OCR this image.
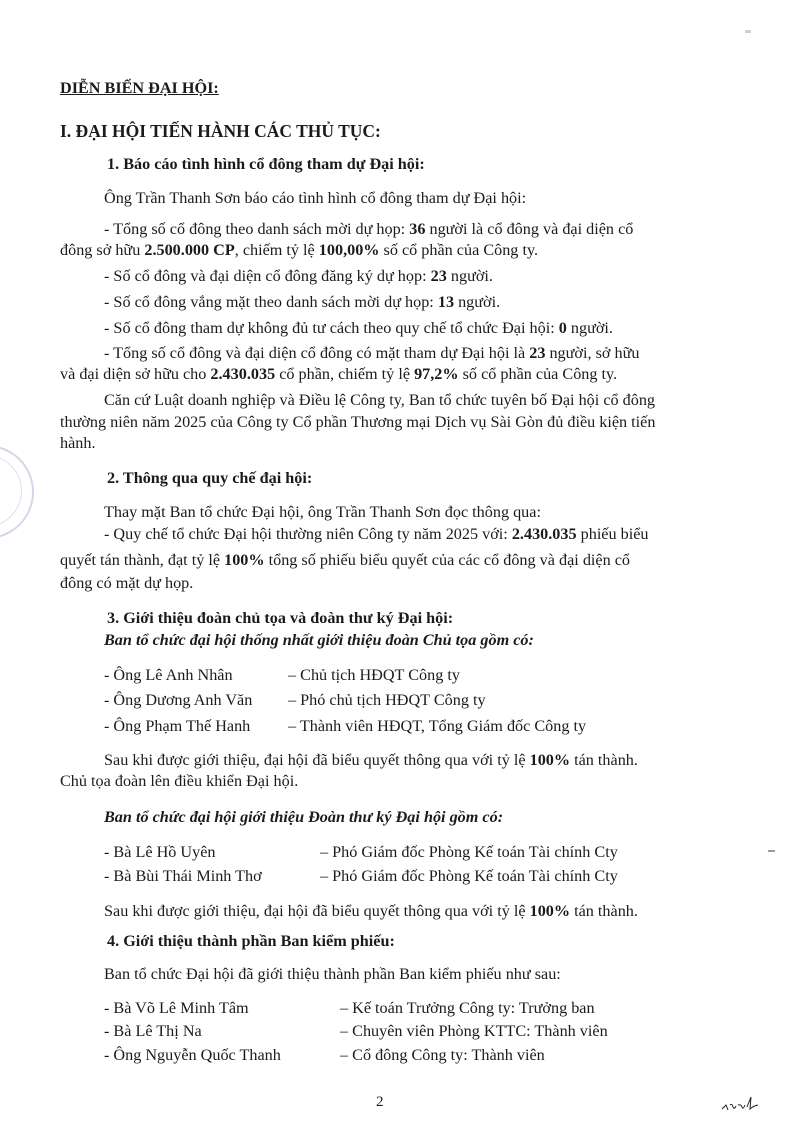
DIỄN BIẾN ĐẠI HỘI:
I. ĐẠI HỘI TIẾN HÀNH CÁC THỦ TỤC:
1. Báo cáo tình hình cổ đông tham dự Đại hội:
Ông Trần Thanh Sơn báo cáo tình hình cổ đông tham dự Đại hội:
- Tổng số cổ đông theo danh sách mời dự họp: 36 người là cổ đông và đại diện cổ
đông sở hữu 2.500.000 CP, chiếm tỷ lệ 100,00% số cổ phần của Công ty.
- Số cổ đông và đại diện cổ đông đăng ký dự họp: 23 người.
- Số cổ đông vắng mặt theo danh sách mời dự họp: 13 người.
- Số cổ đông tham dự không đủ tư cách theo quy chế tổ chức Đại hội: 0 người.
- Tổng số cổ đông và đại diện cổ đông có mặt tham dự Đại hội là 23 người, sở hữu
và đại diện sở hữu cho 2.430.035 cổ phần, chiếm tỷ lệ 97,2% số cổ phần của Công ty.
Căn cứ Luật doanh nghiệp và Điều lệ Công ty, Ban tổ chức tuyên bố Đại hội cổ đông
thường niên năm 2025 của Công ty Cổ phần Thương mại Dịch vụ Sài Gòn đủ điều kiện tiến
hành.
2. Thông qua quy chế đại hội:
Thay mặt Ban tổ chức Đại hội, ông Trần Thanh Sơn đọc thông qua:
- Quy chế tổ chức Đại hội thường niên Công ty năm 2025 với: 2.430.035 phiếu biểu
quyết tán thành, đạt tỷ lệ 100% tổng số phiếu biểu quyết của các cổ đông và đại diện cổ
đông có mặt dự họp.
3. Giới thiệu đoàn chủ tọa và đoàn thư ký Đại hội:
Ban tổ chức đại hội thống nhất giới thiệu đoàn Chủ tọa gồm có:
- Ông Lê Anh Nhân	– Chủ tịch HĐQT Công ty
- Ông Dương Anh Văn – Phó chủ tịch HĐQT Công ty
- Ông Phạm Thế Hanh – Thành viên HĐQT, Tổng Giám đốc Công ty
Sau khi được giới thiệu, đại hội đã biểu quyết thông qua với tỷ lệ 100% tán thành.
Chủ tọa đoàn lên điều khiển Đại hội.
Ban tổ chức đại hội giới thiệu Đoàn thư ký Đại hội gồm có:
- Bà Lê Hồ Uyên	– Phó Giám đốc Phòng Kế toán Tài chính Cty
- Bà Bùi Thái Minh Thơ	– Phó Giám đốc Phòng Kế toán Tài chính Cty
Sau khi được giới thiệu, đại hội đã biểu quyết thông qua với tỷ lệ 100% tán thành.
4. Giới thiệu thành phần Ban kiểm phiếu:
Ban tổ chức Đại hội đã giới thiệu thành phần Ban kiểm phiếu như sau:
- Bà Võ Lê Minh Tâm	– Kế toán Trưởng Công ty: Trưởng ban
- Bà Lê Thị Na	– Chuyên viên Phòng KTTC: Thành viên
- Ông Nguyễn Quốc Thanh	– Cổ đông Công ty: Thành viên
2
